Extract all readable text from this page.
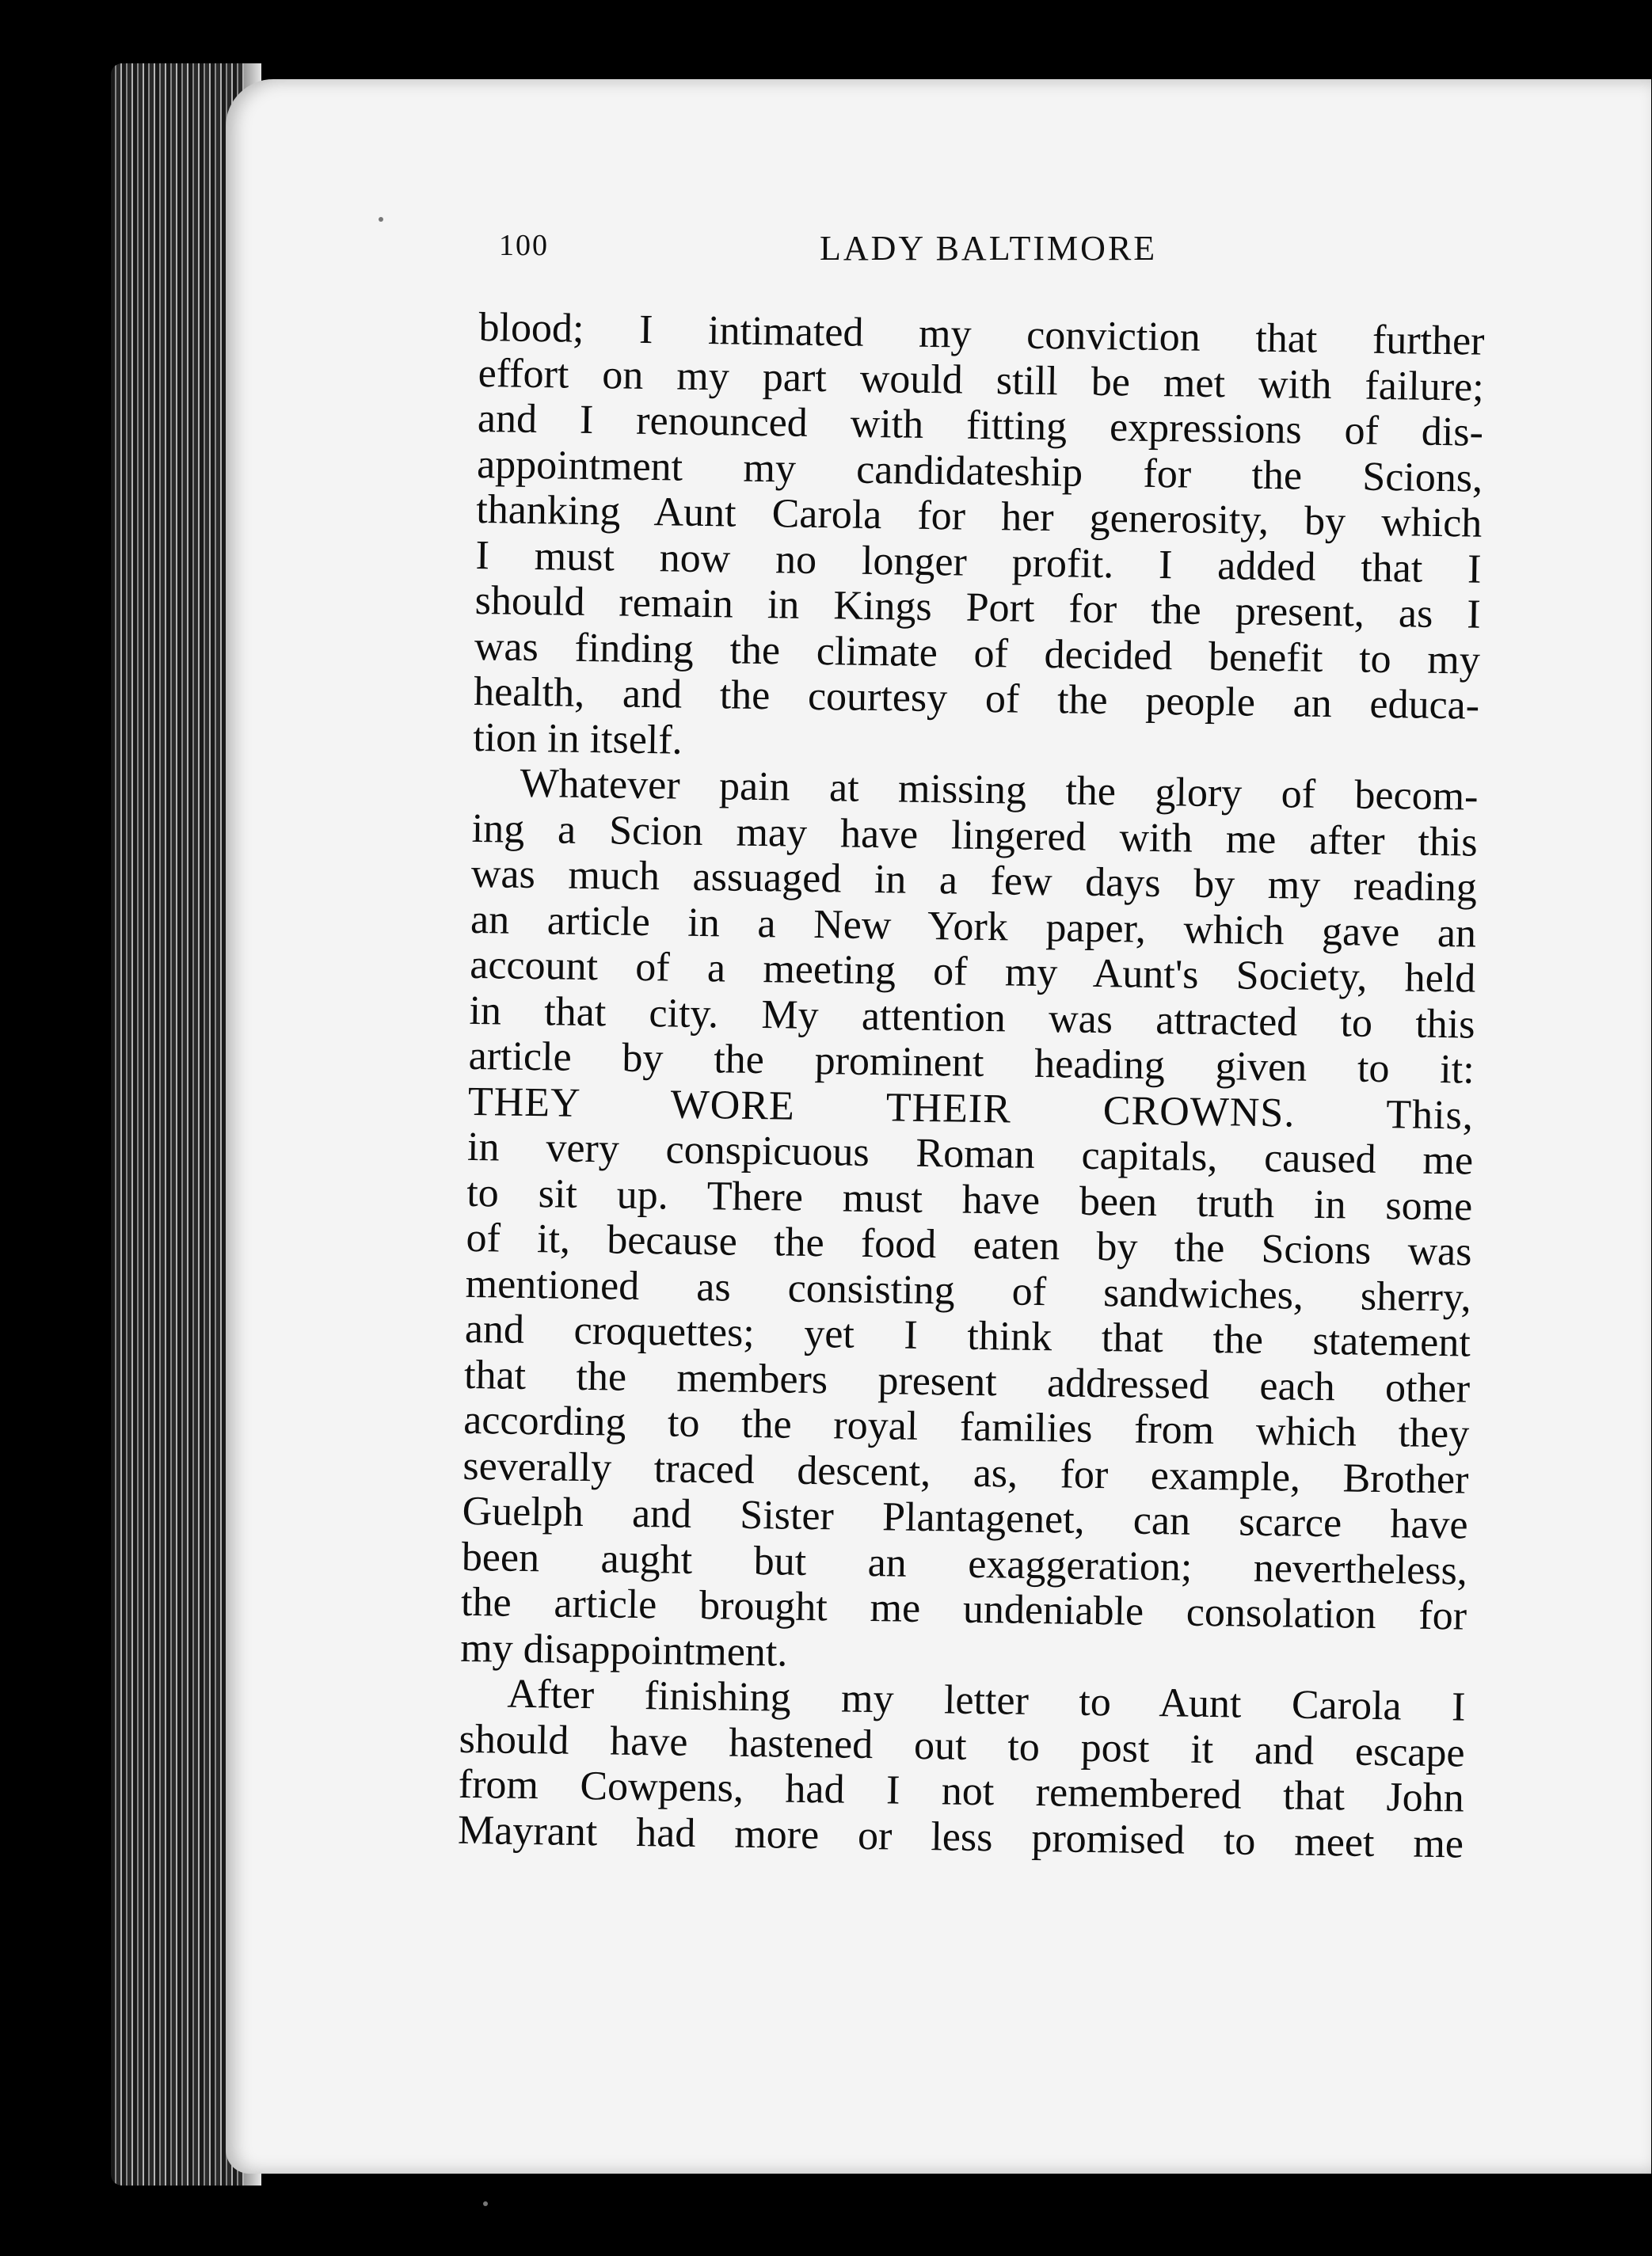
100	LADY BALTIMORE
blood; I intimated my conviction that further
effort on my part would still be met with failure;
and I renounced with fitting expressions of dis-
appointment my candidateship for the Scions,
thanking Aunt Carola for her generosity, by which
I must now no longer profit. I added that I
should remain in Kings Port for the present, as I
was finding the climate of decided benefit to my
health, and the courtesy of the people an educa-
tion in itself.
Whatever pain at missing the glory of becom-
ing a Scion may have lingered with me after this
was much assuaged in a few days by my reading
an article in a New York paper, which gave an
account of a meeting of my Aunt's Society, held
in that city. My attention was attracted to this
article by the prominent heading given to it:
THEY WORE THEIR CROWNS. This,
in very conspicuous Roman capitals, caused me
to sit up. There must have been truth in some
of it, because the food eaten by the Scions was
mentioned as consisting of sandwiches, sherry,
and croquettes; yet I think that the statement
that the members present addressed each other
according to the royal families from which they
severally traced descent, as, for example, Brother
Guelph and Sister Plantagenet, can scarce have
been aught but an exaggeration; nevertheless,
the article brought me undeniable consolation for
my disappointment.
After finishing my letter to Aunt Carola I
should have hastened out to post it and escape
from Cowpens, had I not remembered that John
Mayrant had more or less promised to meet me
